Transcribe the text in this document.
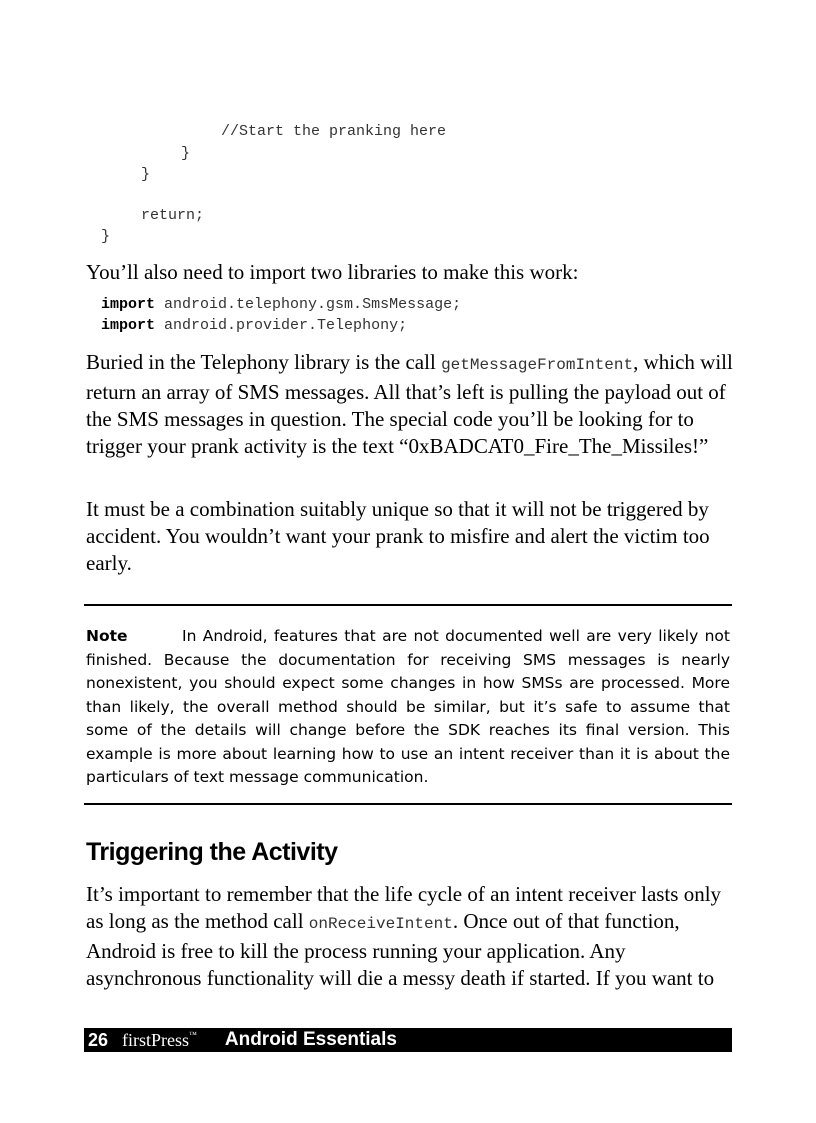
//Start the pranking here
}
}
return;
}
You’ll also need to import two libraries to make this work:
import android.telephony.gsm.SmsMessage;
import android.provider.Telephony;
Buried in the Telephony library is the call getMessageFromIntent, which will return an array of SMS messages. All that’s left is pulling the payload out of the SMS messages in question. The special code you’ll be looking for to trigger your prank activity is the text “0xBADCAT0_Fire_The_Missiles!”
It must be a combination suitably unique so that it will not be triggered by accident. You wouldn’t want your prank to misfire and alert the victim too early.
Note	In Android, features that are not documented well are very likely not finished. Because the documentation for receiving SMS messages is nearly nonexistent, you should expect some changes in how SMSs are processed. More than likely, the overall method should be similar, but it’s safe to assume that some of the details will change before the SDK reaches its final version. This example is more about learning how to use an intent receiver than it is about the particulars of text message communication.
Triggering the Activity
It’s important to remember that the life cycle of an intent receiver lasts only as long as the method call onReceiveIntent. Once out of that function, Android is free to kill the process running your application. Any asynchronous functionality will die a messy death if started. If you want to
26 firstPress™ Android Essentials
